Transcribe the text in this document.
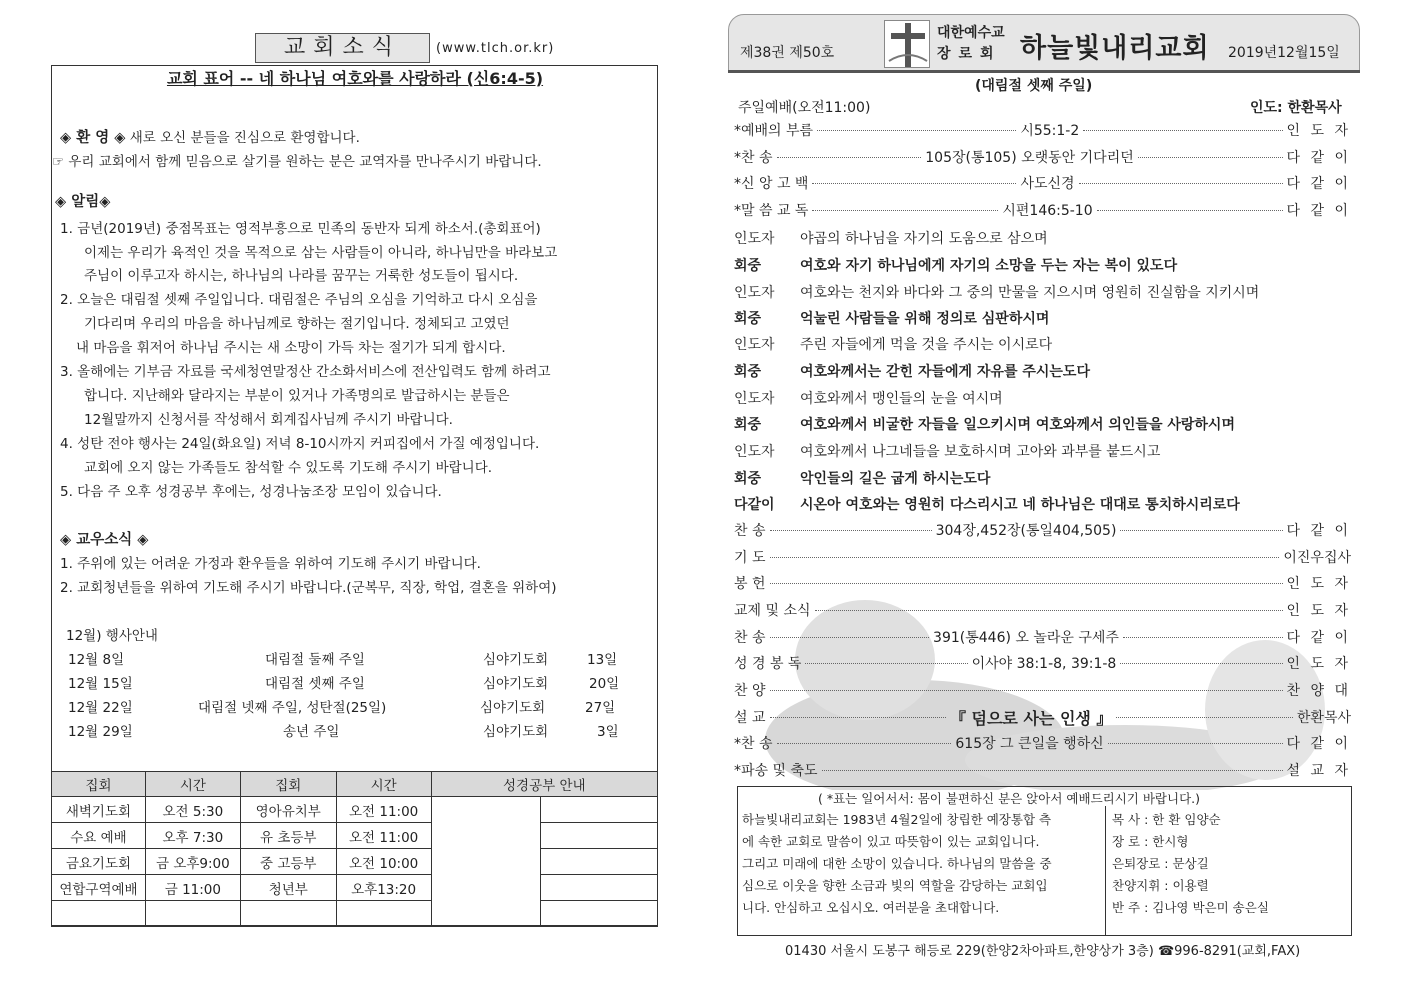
교회소식	(www.tlch.or.kr)
교회 표어 -- 네 하나님 여호와를 사랑하라 (신6:4-5)
◈ 환 영 ◈ 새로 오신 분들을 진심으로 환영합니다.
☞ 우리 교회에서 함께 믿음으로 살기를 원하는 분은 교역자를 만나주시기 바랍니다.
◈ 알림◈
1. 금년(2019년) 중점목표는 영적부흥으로 민족의 동반자 되게 하소서.(총회표어)
이제는 우리가 육적인 것을 목적으로 삼는 사람들이 아니라, 하나님만을 바라보고
주님이 이루고자 하시는, 하나님의 나라를 꿈꾸는 거룩한 성도들이 됩시다.
2. 오늘은 대림절 셋째 주일입니다. 대림절은 주님의 오심을 기억하고 다시 오심을
기다리며 우리의 마음을 하나님께로 향하는 절기입니다. 정체되고 고였던
내 마음을 휘저어 하나님 주시는 새 소망이 가득 차는 절기가 되게 합시다.
3. 올해에는 기부금 자료를 국세청연말정산 간소화서비스에 전산입력도 함께 하려고
합니다. 지난해와 달라지는 부분이 있거나 가족명의로 발급하시는 분들은
12월말까지 신청서를 작성해서 회계집사님께 주시기 바랍니다.
4. 성탄 전야 행사는 24일(화요일) 저녁 8-10시까지 커피집에서 가질 예정입니다.
교회에 오지 않는 가족들도 참석할 수 있도록 기도해 주시기 바랍니다.
5. 다음 주 오후 성경공부 후에는, 성경나눔조장 모임이 있습니다.
◈ 교우소식 ◈
1. 주위에 있는 어려운 가정과 환우들을 위하여 기도해 주시기 바랍니다.
2. 교회청년들을 위하여 기도해 주시기 바랍니다.(군복무, 직장, 학업, 결혼을 위하여)
12월) 행사안내
12월 8일	대림절 둘째 주일	심야기도회	13일
12월 15일	대림절 셋째 주일	심야기도회	20일
12월 22일	대림절 넷째 주일, 성탄절(25일)	심야기도회	27일
12월 29일	송년 주일	심야기도회	3일
집회	시간	집회	시간	성경공부 안내	
새벽기도회	오전 5:30	영아유치부	오전 11:00		
수요 예배	오후 7:30	유 초등부	오전 11:00		
금요기도회	금 오후9:00	중 고등부	오전 10:00		
연합구역예배	금 11:00	청년부	오후13:20		

제38권 제50호
대한예수교
장로회 하늘빛내리교회 2019년12월15일
(대림절 셋째 주일)
주일예배(오전11:00)	인도: 한환목사
*예배의 부름	시55:1-2	인 도 자
*찬 송	105장(통105) 오랫동안 기다리던	다 같 이
*신 앙 고 백	사도신경	다 같 이
*말 씀 교 독	시편146:5-10	다 같 이
인도자 야곱의 하나님을 자기의 도움으로 삼으며
회중	여호와 자기 하나님에게 자기의 소망을 두는 자는 복이 있도다
인도자 여호와는 천지와 바다와 그 중의 만물을 지으시며 영원히 진실함을 지키시며
회중	억눌린 사람들을 위해 정의로 심판하시며
인도자 주린 자들에게 먹을 것을 주시는 이시로다
회중	여호와께서는 갇힌 자들에게 자유를 주시는도다
인도자 여호와께서 맹인들의 눈을 여시며
회중	여호와께서 비굴한 자들을 일으키시며 여호와께서 의인들을 사랑하시며
인도자 여호와께서 나그네들을 보호하시며 고아와 과부를 붙드시고
회중	악인들의 길은 굽게 하시는도다
다같이 시온아 여호와는 영원히 다스리시고 네 하나님은 대대로 통치하시리로다
찬 송	304장,452장(통일404,505)	다 같 이
기 도	이진우집사
봉 헌	인 도 자
교제 및 소식	인 도 자
찬 송	391(통446) 오 놀라운 구세주	다 같 이
성 경 봉 독	이사야 38:1-8, 39:1-8	인 도 자
찬 양	찬 양 대
설 교	『 덤으로 사는 인생 』	한환목사
*찬 송	615장 그 큰일을 행하신	다 같 이
*파송 및 축도	설 교 자
( *표는 일어서서: 몸이 불편하신 분은 앉아서 예배드리시기 바랍니다.)
하늘빛내리교회는 1983년 4월2일에 창립한 예장통합 측
에 속한 교회로 말씀이 있고 따뜻함이 있는 교회입니다.
그리고 미래에 대한 소망이 있습니다. 하나님의 말씀을 중
심으로 이웃을 향한 소금과 빛의 역할을 감당하는 교회입
니다. 안심하고 오십시오. 여러분을 초대합니다.
목 사 : 한 환 임양순
장 로 : 한시형
은퇴장로 : 문상길
찬양지휘 : 이용렬
반 주 : 김나영 박은미 송은실
01430 서울시 도봉구 해등로 229(한양2차아파트,한양상가 3층) ☎996-8291(교회,FAX)
